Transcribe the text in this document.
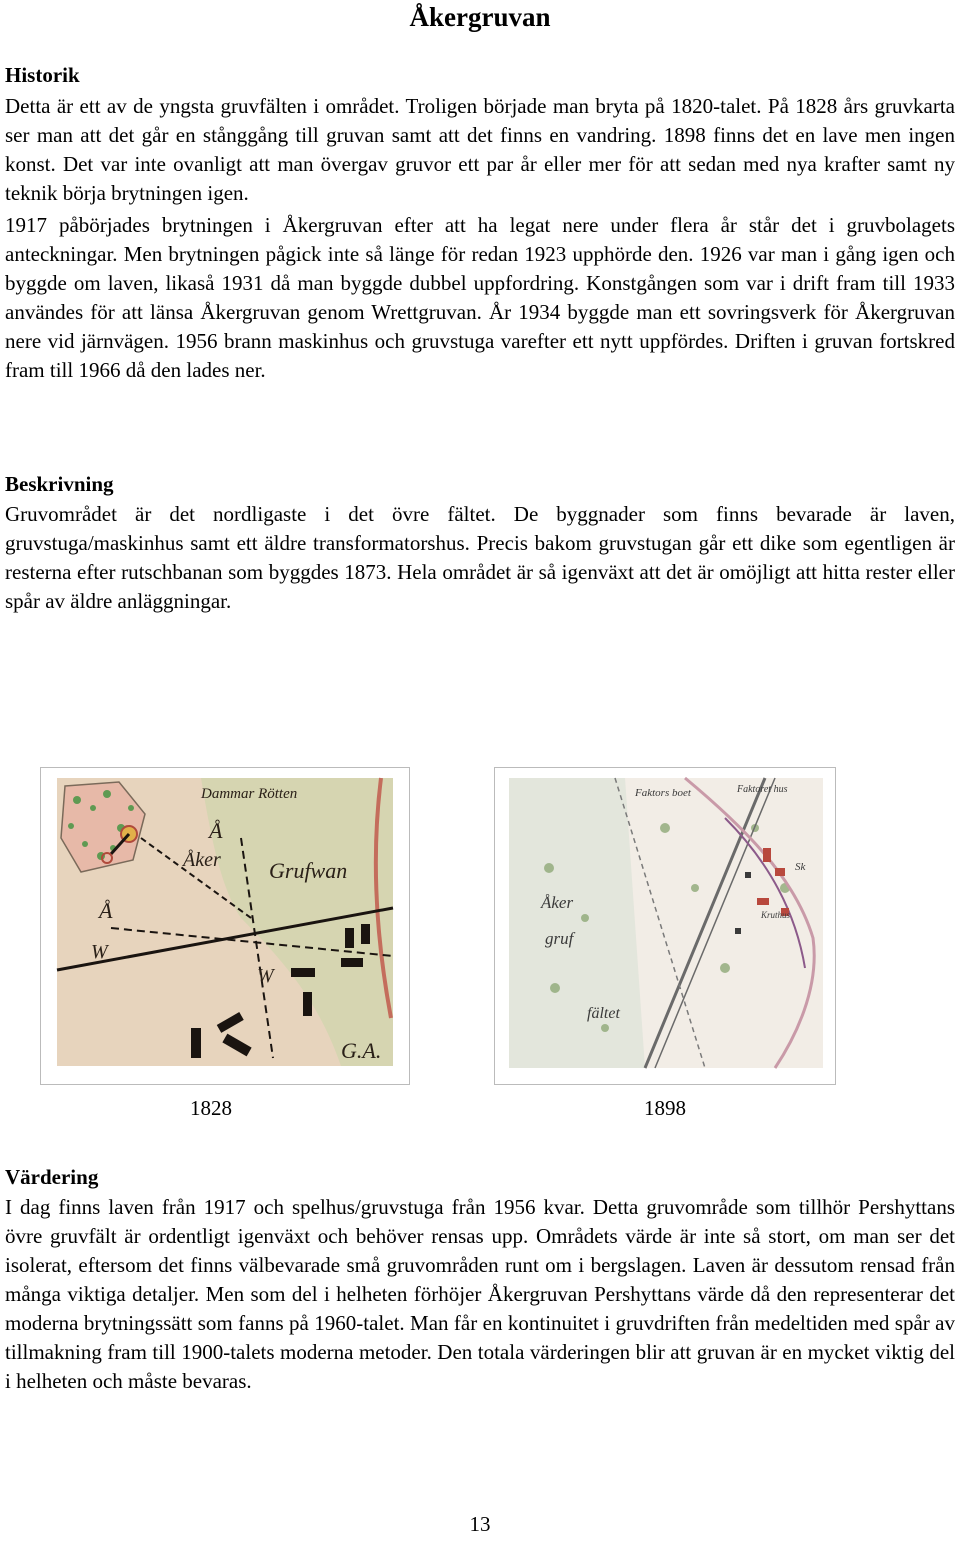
Åkergruvan
Historik
Detta är ett av de yngsta gruvfälten i området. Troligen började man bryta på 1820-talet. På 1828 års gruvkarta ser man att det går en stånggång till gruvan samt att det finns en vandring. 1898 finns det en lave men ingen konst. Det var inte ovanligt att man övergav gruvor ett par år eller mer för att sedan med nya krafter samt ny teknik börja brytningen igen.
1917 påbörjades brytningen i Åkergruvan efter att ha legat nere under flera år står det i gruvbolagets anteckningar. Men brytningen pågick inte så länge för redan 1923 upphörde den. 1926 var man i gång igen och byggde om laven, likaså 1931 då man byggde dubbel uppfordring. Konstgången som var i drift fram till 1933 användes för att länsa Åkergruvan genom Wrettgruvan. År 1934 byggde man ett sovringsverk för Åkergruvan nere vid järnvägen. 1956 brann maskinhus och gruvstuga varefter ett nytt uppfördes. Driften i gruvan fortskred fram till 1966 då den lades ner.
Beskrivning
Gruvområdet är det nordligaste i det övre fältet. De byggnader som finns bevarade är laven, gruvstuga/maskinhus samt ett äldre transformatorshus. Precis bakom gruvstugan går ett dike som egentligen är resterna efter rutschbanan som byggdes 1873. Hela området är så igenväxt att det är omöjligt att hitta rester eller spår av äldre anläggningar.
Dammar Rötten
Å
Åker Grufwan
Å
W
W
G.A.
Faktors boet	Faktoret hus
Åker
gruf
fältet
Sk
Kruthus
1828	1898
Värdering
I dag finns laven från 1917 och spelhus/gruvstuga från 1956 kvar. Detta gruvområde som tillhör Pershyttans övre gruvfält är ordentligt igenväxt och behöver rensas upp. Områdets värde är inte så stort, om man ser det isolerat, eftersom det finns välbevarade små gruvområden runt om i bergslagen. Laven är dessutom rensad från många viktiga detaljer. Men som del i helheten förhöjer Åkergruvan Pershyttans värde då den representerar det moderna brytningssätt som fanns på 1960-talet. Man får en kontinuitet i gruvdriften från medeltiden med spår av tillmakning fram till 1900-talets moderna metoder. Den totala värderingen blir att gruvan är en mycket viktig del i helheten och måste bevaras.
13
